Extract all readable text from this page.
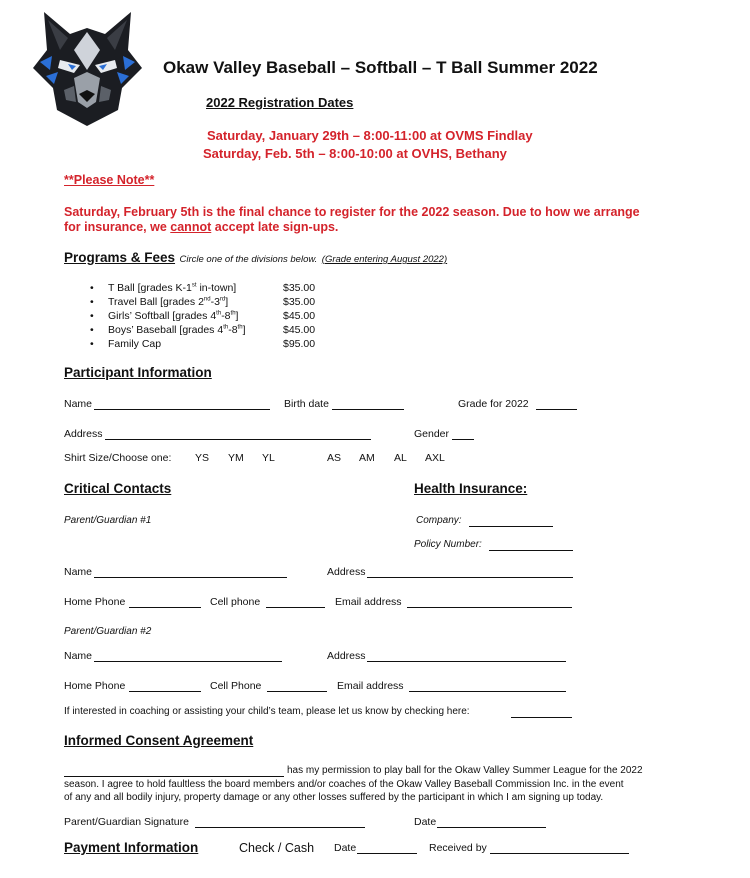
Okaw Valley Baseball – Softball – T Ball Summer 2022
2022 Registration Dates
Saturday, January 29th – 8:00-11:00 at OVMS Findlay
Saturday, Feb. 5th – 8:00-10:00 at OVHS, Bethany
**Please Note**
Saturday, February 5th is the final chance to register for the 2022 season. Due to how we arrange
for insurance, we cannot accept late sign-ups.
Programs & Fees Circle one of the divisions below. (Grade entering August 2022)
• T Ball [grades K-1st in-town]	$35.00
• Travel Ball [grades 2nd-3rd]	$35.00
• Girls’ Softball [grades 4th-8th]	$45.00
• Boys’ Baseball [grades 4th-8th]	$45.00
• Family Cap	$95.00
Participant Information
Name	Birth date	Grade for 2022
Address	Gender
Shirt Size/Choose one: YS YM YL	AS AM AL AXL
Critical Contacts	Health Insurance:
Parent/Guardian #1	Company:
Policy Number:
Name	Address
Home Phone	Cell phone	Email address
Parent/Guardian #2
Name	Address
Home Phone	Cell Phone	Email address
If interested in coaching or assisting your child’s team, please let us know by checking here:
Informed Consent Agreement
has my permission to play ball for the Okaw Valley Summer League for the 2022
season. I agree to hold faultless the board members and/or coaches of the Okaw Valley Baseball Commission Inc. in the event
of any and all bodily injury, property damage or any other losses suffered by the participant in which I am signing up today.
Parent/Guardian Signature	Date
Payment Information	Check / Cash Date	Received by
